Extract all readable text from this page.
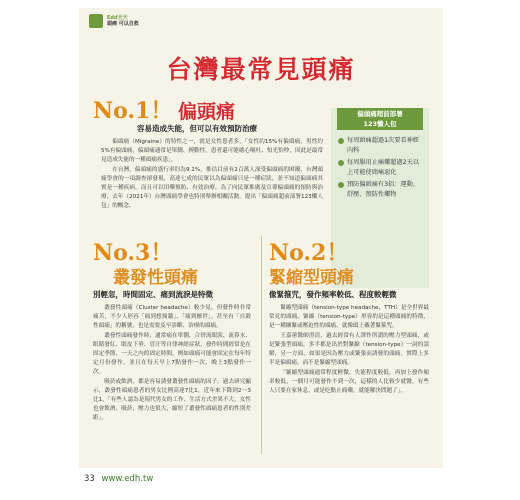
Edd天天
頭痛 可以自救
台灣最常見頭痛
No.1！ 偏頭痛
容易造成失能，但可以有效預防治療

偏頭痛（Migraine）的特性之一，就是女性患者多，「女性約15%有偏頭痛，男性約5%有偏頭痛，偏頭痛通常是單側、搏動性，患者還可能噁心嘔吐、怕光怕吵，因此是最常見造成失能的一種頭痛疾患」。

在台灣，偏頭痛的盛行率約為9.1%，推估目前有2百萬人深受偏頭痛的困擾，台灣頭痛學會的一項調查卻發現，高達七成的民眾以為偏頭痛只是一種症狀，並不知道偏頭痛其實是一種疾病，而且可以用藥預防、有效治療。為了向民眾推廣及宣導偏頭痛的預防與治療，去年（2021年）台灣頭痛學會也特別舉辦相關活動，提出「偏頭痛超前部署123懶人包」的概念。

偏頭痛超前部署
123懶人包
每周頭痛超過1次要看神經內科
每周服用止痛藥超過2天以上可能使頭痛惡化
預防偏頭痛有3招：運動、舒壓、預防性藥物
No.3！
叢發性頭痛
別輕忽，時間固定、痛到流淚是特徵

叢發性頭痛（Cluster headache）較少見，但發作時非常痛苦，不少人形容「痛到想撞牆」、「痛到厭世」，甚至有「自殺性頭痛」的稱號，也是需要及早診斷、治療的頭痛。

叢發性頭痛發作時，通常痛在單側，合併流眼淚、流鼻水、眼睛發紅、眼皮下垂、冒汗等自律神經症狀，發作時間經常是在固定季節、一天之內的固定時間，例如頭痛可能會固定在每年特定月份發作，並且在每天早上7點發作一次、晚上3點發作一次。

吸菸或飲酒，都是容易誘發叢發性頭痛的因子。過去研究顯示，叢發性頭痛患者的男女比例高達7比1，近年來下降到2～3比1，「有些人認為是現代男女的工作、生活方式差異不大，女性也會飲酒、吸菸，壓力也很大，縮短了叢發性頭痛患者的性別差距」。

No.2！
緊縮型頭痛
像緊箍咒，發作頻率較低、程度較輕微

緊縮型頭痛（tension-type headache，TTH）是全世界最常見的頭痛，緊縮（tension-type）形容的是這種頭痛的特徵，是一種綑緊或壓迫性的頭痛，就像頭上戴著緊箍咒。

王嘉蕙醫師澄清，過去經常有人譯作所謂的壓力型頭痛，或是緊張型頭痛，多半都是出於對緊縮（tension-type）一詞的誤解，另一方面，如果是因為壓力或緊張而誘發的頭痛，實際上多半是偏頭痛，而不是緊縮型頭痛。

「緊縮型頭痛通常程度輕微、失能程度較低，再加上發作頻率較低，一個月可能發作不到一次，這樣的人比較少就醫，有些人只要在家休息，或是吃點止痛藥，就能解決問題了」。

33 www.edh.tw
